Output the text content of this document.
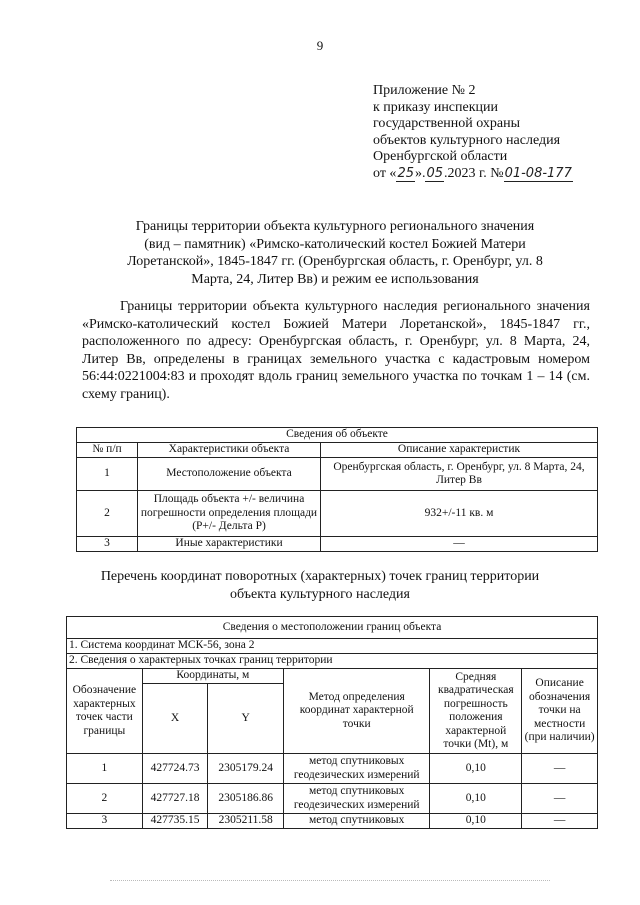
9
Приложение № 2
к приказу инспекции
государственной охраны
объектов культурного наследия
Оренбургской области
от «25».05.2023 г. №01-08-177
Границы территории объекта культурного регионального значения
(вид – памятник) «Римско-католический костел Божией Матери
Лоретанской», 1845-1847 гг. (Оренбургская область, г. Оренбург, ул. 8
Марта, 24, Литер Вв) и режим ее использования
Границы территории объекта культурного наследия регионального значения «Римско-католический костел Божией Матери Лоретанской», 1845-1847 гг., расположенного по адресу: Оренбургская область, г. Оренбург, ул. 8 Марта, 24, Литер Вв, определены в границах земельного участка с кадастровым номером 56:44:0221004:83 и проходят вдоль границ земельного участка по точкам 1 – 14 (см. схему границ).
Сведения об объекте		
№ п/п	Характеристики объекта	Описание характеристик
1	Местоположение объекта	Оренбургская область, г. Оренбург, ул. 8 Марта, 24, Литер Вв
2	Площадь объекта +/- величина погрешности определения площади (Р+/- Дельта Р)	932+/-11 кв. м
3	Иные характеристики	—
Перечень координат поворотных (характерных) точек границ территории
объекта культурного наследия
Сведения о местоположении границ объекта					
1. Система координат МСК-56, зона 2					
2. Сведения о характерных точках границ территории					
Обозначение характерных точек части границы	Координаты, м		Метод определения координат характерной точки	Средняя квадратическая погрешность положения характерной точки (Mt), м	Описание обозначения точки на местности (при наличии)
	X	Y			
1	427724.73	2305179.24	метод спутниковых геодезических измерений	0,10	—
2	427727.18	2305186.86	метод спутниковых геодезических измерений	0,10	—
3	427735.15	2305211.58	метод спутниковых	0,10	—
